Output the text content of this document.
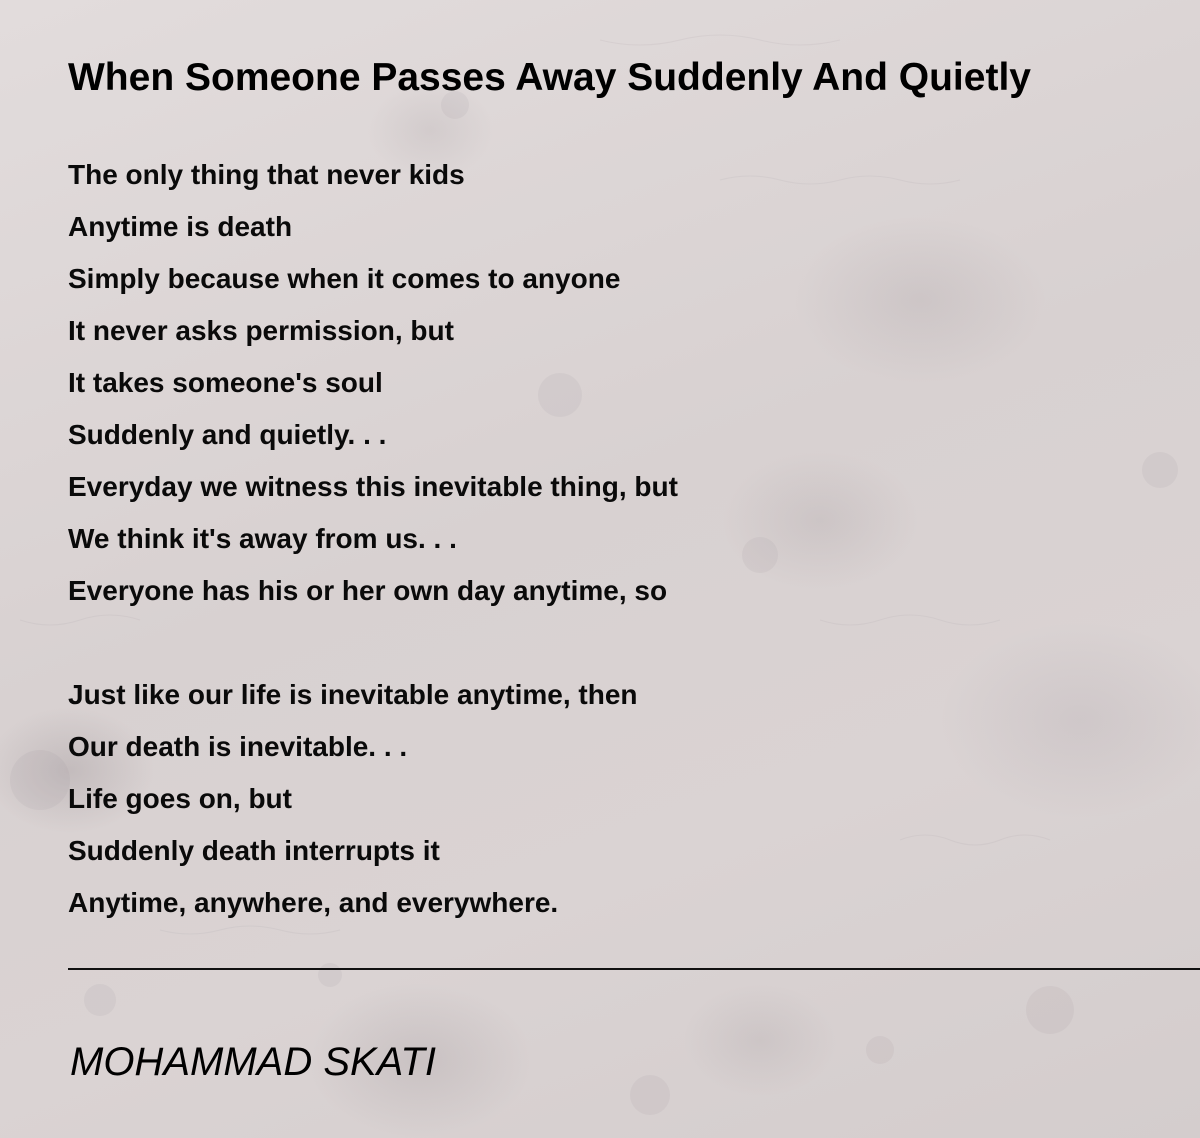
When Someone Passes Away Suddenly And Quietly
The only thing that never kids
Anytime is death
Simply because when it comes to anyone
It never asks permission, but
It takes someone's soul
Suddenly and quietly. . .
Everyday we witness this inevitable thing, but
We think it's away from us. . .
Everyone has his or her own day anytime, so
Just like our life is inevitable anytime, then
Our death is inevitable. . .
Life goes on, but
Suddenly death interrupts it
Anytime, anywhere, and everywhere.

MOHAMMAD SKATI
